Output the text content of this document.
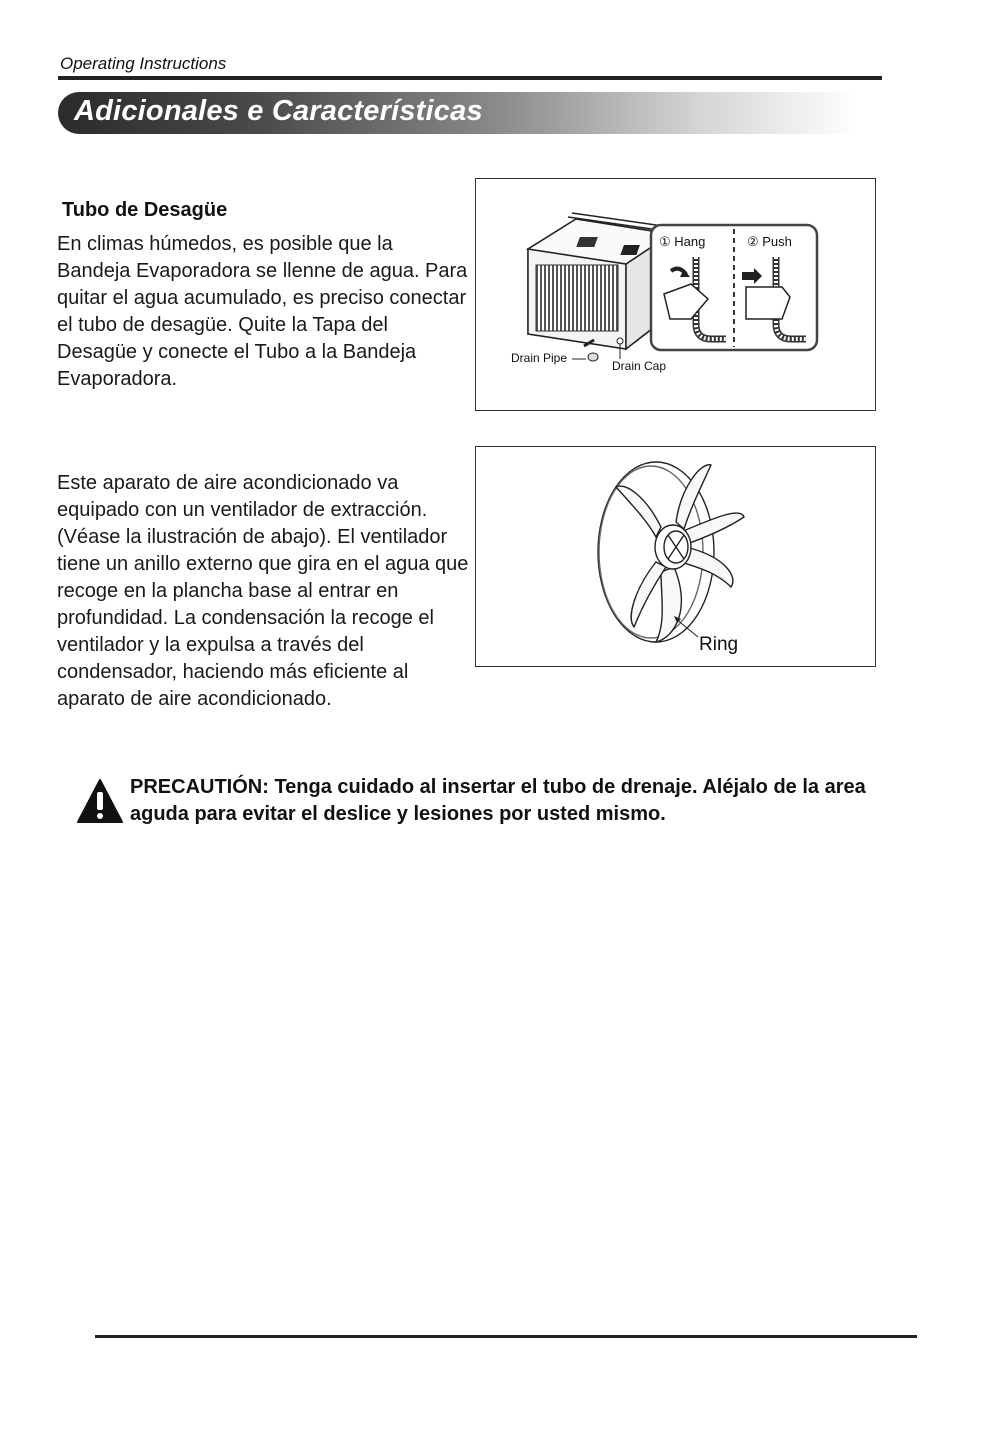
Operating Instructions
Adicionales e Características
Tubo de Desagüe

En climas húmedos, es posible que la Bandeja Evaporadora se llenne de agua. Para quitar el agua acumulado, es preciso conectar el tubo de desagüe. Quite la Tapa del Desagüe y conecte el Tubo a la Bandeja Evaporadora.

Drain Pipe
Drain Cap
① Hang	② Push

Este aparato de aire acondicionado va equipado con un ventilador de extracción. (Véase la ilustración de abajo). El ventilador tiene un anillo externo que gira en el agua que recoge en la plancha base al entrar en profundidad. La condensación la recoge el ventilador y la expulsa a través del condensador, haciendo más eficiente al aparato de aire acondicionado.

Ring
PRECAUTIÓN: Tenga cuidado al insertar el tubo de drenaje. Aléjalo de la area aguda para evitar el deslice y lesiones por usted mismo.
